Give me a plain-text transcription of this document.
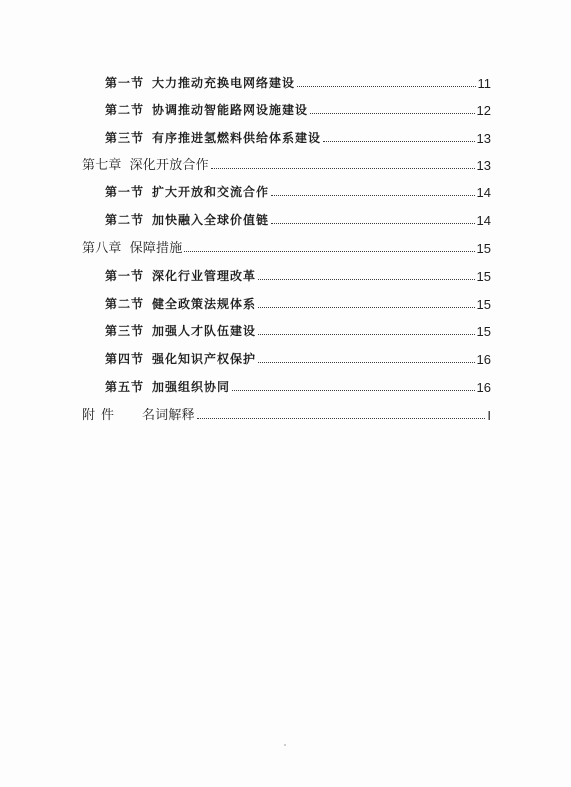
第一节 大力推动充换电网络建设	11
第二节 协调推动智能路网设施建设	12
第三节 有序推进氢燃料供给体系建设	13
第七章 深化开放合作	13
第一节 扩大开放和交流合作	14
第二节 加快融入全球价值链	14
第八章 保障措施	15
第一节 深化行业管理改革	15
第二节 健全政策法规体系	15
第三节 加强人才队伍建设	15
第四节 强化知识产权保护	16
第五节 加强组织协同	16
附件 名词解释	I
